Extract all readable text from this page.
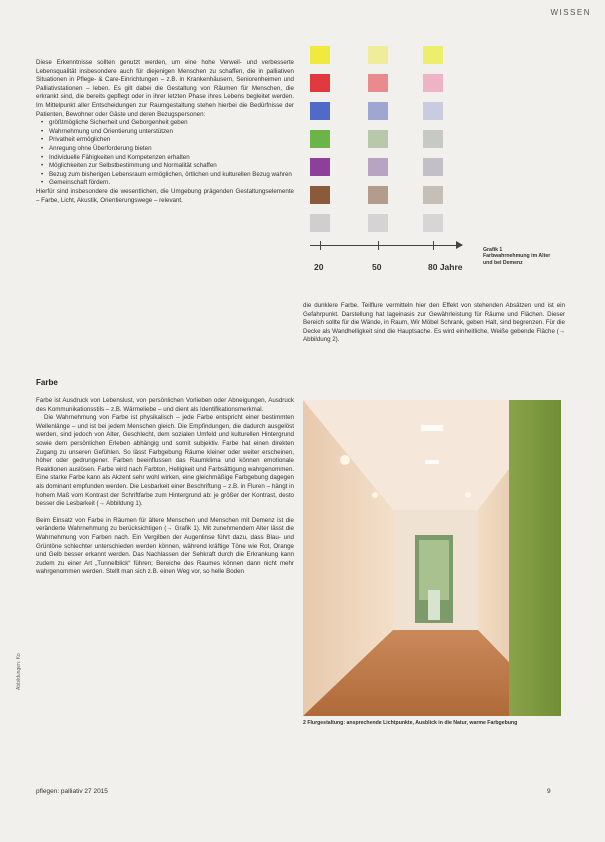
WISSEN

Diese Erkenntnisse sollten genutzt werden, um eine hohe Verweil- und verbesserte Lebensqualität insbesondere auch für diejenigen Menschen zu schaffen, die in palliativen Situationen in Pflege- & Care-Einrichtungen – z.B. in Krankenhäusern, Seniorenheimen und Palliativstationen – leben. Es gilt dabei die Gestaltung von Räumen für Menschen, die erkrankt sind, die bereits gepflegt oder in ihrer letzten Phase ihres Lebens begleitet werden. Im Mittelpunkt aller Entscheidungen zur Raumgestaltung stehen hierbei die Bedürfnisse der Patienten, Bewohner oder Gäste und deren Bezugspersonen:

• größtmögliche Sicherheit und Geborgenheit geben
• Wahrnehmung und Orientierung unterstützen
• Privatheit ermöglichen
• Anregung ohne Überforderung bieten
• Individuelle Fähigkeiten und Kompetenzen erhalten
• Möglichkeiten zur Selbstbestimmung und Normalität schaffen
• Bezug zum bisherigen Lebensraum ermöglichen, örtlichen und kulturellen Bezug wahren
• Gemeinschaft fördern.

Hierfür sind insbesondere die wesentlichen, die Umgebung prägenden Gestaltungselemente – Farbe, Licht, Akustik, Orientierungswege – relevant.

Farbe

Farbe ist Ausdruck von Lebenslust, von persönlichen Vorlieben oder Abneigungen, Ausdruck des Kommunikationsstils – z.B. Wärmeliebe – und dient als Identifikationsmerkmal.

Die Wahrnehmung von Farbe ist physikalisch – jede Farbe entspricht einer bestimmten Wellenlänge – und ist bei jedem Menschen gleich. Die Empfindungen, die dadurch ausgelöst werden, sind jedoch von Alter, Geschlecht, dem sozialen Umfeld und kulturellen Hintergrund sowie dem persönlichen Erleben abhängig und somit subjektiv. Farbe hat einen direkten Zugang zu unseren Gefühlen. So lässt Farbgebung Räume kleiner oder weiter erscheinen, höher oder gedrungener. Farben beeinflussen das Raumklima und können emotionale Reaktionen auslösen. Farbe wird nach Farbton, Helligkeit und Farbsättigung wahrgenommen. Eine starke Farbe kann als Akzent sehr wohl wirken, eine gleichmäßige Farbgebung dagegen als dominant empfunden werden. Die Lesbarkeit einer Beschriftung – z.B. in Fluren – hängt in hohem Maß vom Kontrast der Schriftfarbe zum Hintergrund ab: je größer der Kontrast, desto besser die Lesbarkeit (→ Abbildung 1).

Beim Einsatz von Farbe in Räumen für ältere Menschen und Menschen mit Demenz ist die veränderte Wahrnehmung zu berücksichtigen (→ Grafik 1). Mit zunehmendem Alter lässt die Wahrnehmung von Farben nach. Ein Vergilben der Augenlinse führt dazu, dass Blau- und Grüntöne schlechter unterschieden werden können, während kräftige Töne wie Rot, Orange und Gelb besser erkannt werden. Das Nachlassen der Sehkraft durch die Erkrankung kann zudem zu einer Art „Tunnelblick“ führen; Bereiche des Raumes können dann nicht mehr wahrgenommen werden. Stellt man sich z.B. einen Weg vor, so helle Boden

20	50	80 Jahre
Grafik 1
Farbwahrnehmung im Alter
und bei Demenz

die dunklere Farbe. Teilflure vermitteln hier den Effekt von stehenden Absätzen und ist ein Gefahrpunkt. Darstellung hat lageinasis zur Gewährleistung für Räume und Flächen. Dieser Bereich sollte für die Wände, in Raum, Wir Möbel Schrank, geben Halt, sind begrenzen. Für die Decke als Wandhelligkeit sind die Hauptsache. Es wird einheitliche, Weiße gebende Fläche (→ Abbildung 2).

2 Flurgestaltung: ansprechende Lichtpunkte, Ausblick in die Natur, warme Farbgebung
Abbildungen: Ko
pflegen: palliativ 27 2015	9
